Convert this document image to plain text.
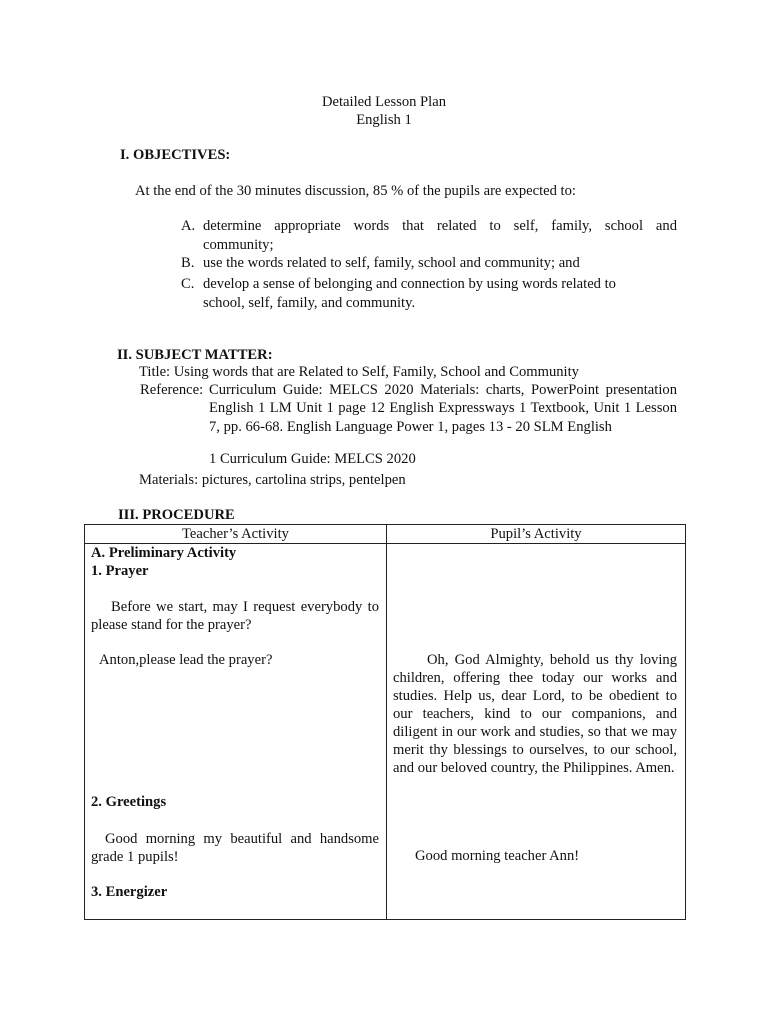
Detailed Lesson Plan
English 1
I. OBJECTIVES:
At the end of the 30 minutes discussion, 85 % of the pupils are expected to:
A. determine appropriate words that related to self, family, school and
community;
B. use the words related to self, family, school and community; and
C. develop a sense of belonging and connection by using words related to
school, self, family, and community.
II. SUBJECT MATTER:
Title: Using words that are Related to Self, Family, School and Community
Reference: Curriculum Guide: MELCS 2020 Materials: charts, PowerPoint presentation English 1 LM Unit 1 page 12 English Expressways 1 Textbook, Unit 1 Lesson 7, pp. 66-68. English Language Power 1, pages 13 - 20 SLM English
1 Curriculum Guide: MELCS 2020
Materials: pictures, cartolina strips, pentelpen
III. PROCEDURE
Teacher’s Activity	Pupil’s Activity
A. Preliminary Activity
1. Prayer
Before we start, may I request everybody to please stand for the prayer?
Anton,please lead the prayer?	Oh, God Almighty, behold us thy loving children, offering thee today our works and studies. Help us, dear Lord, to be obedient to our teachers, kind to our companions, and diligent in our work and studies, so that we may merit thy blessings to ourselves, to our school, and our beloved country, the Philippines. Amen.
2. Greetings
Good morning my beautiful and handsome grade 1 pupils!	Good morning teacher Ann!
3. Energizer
